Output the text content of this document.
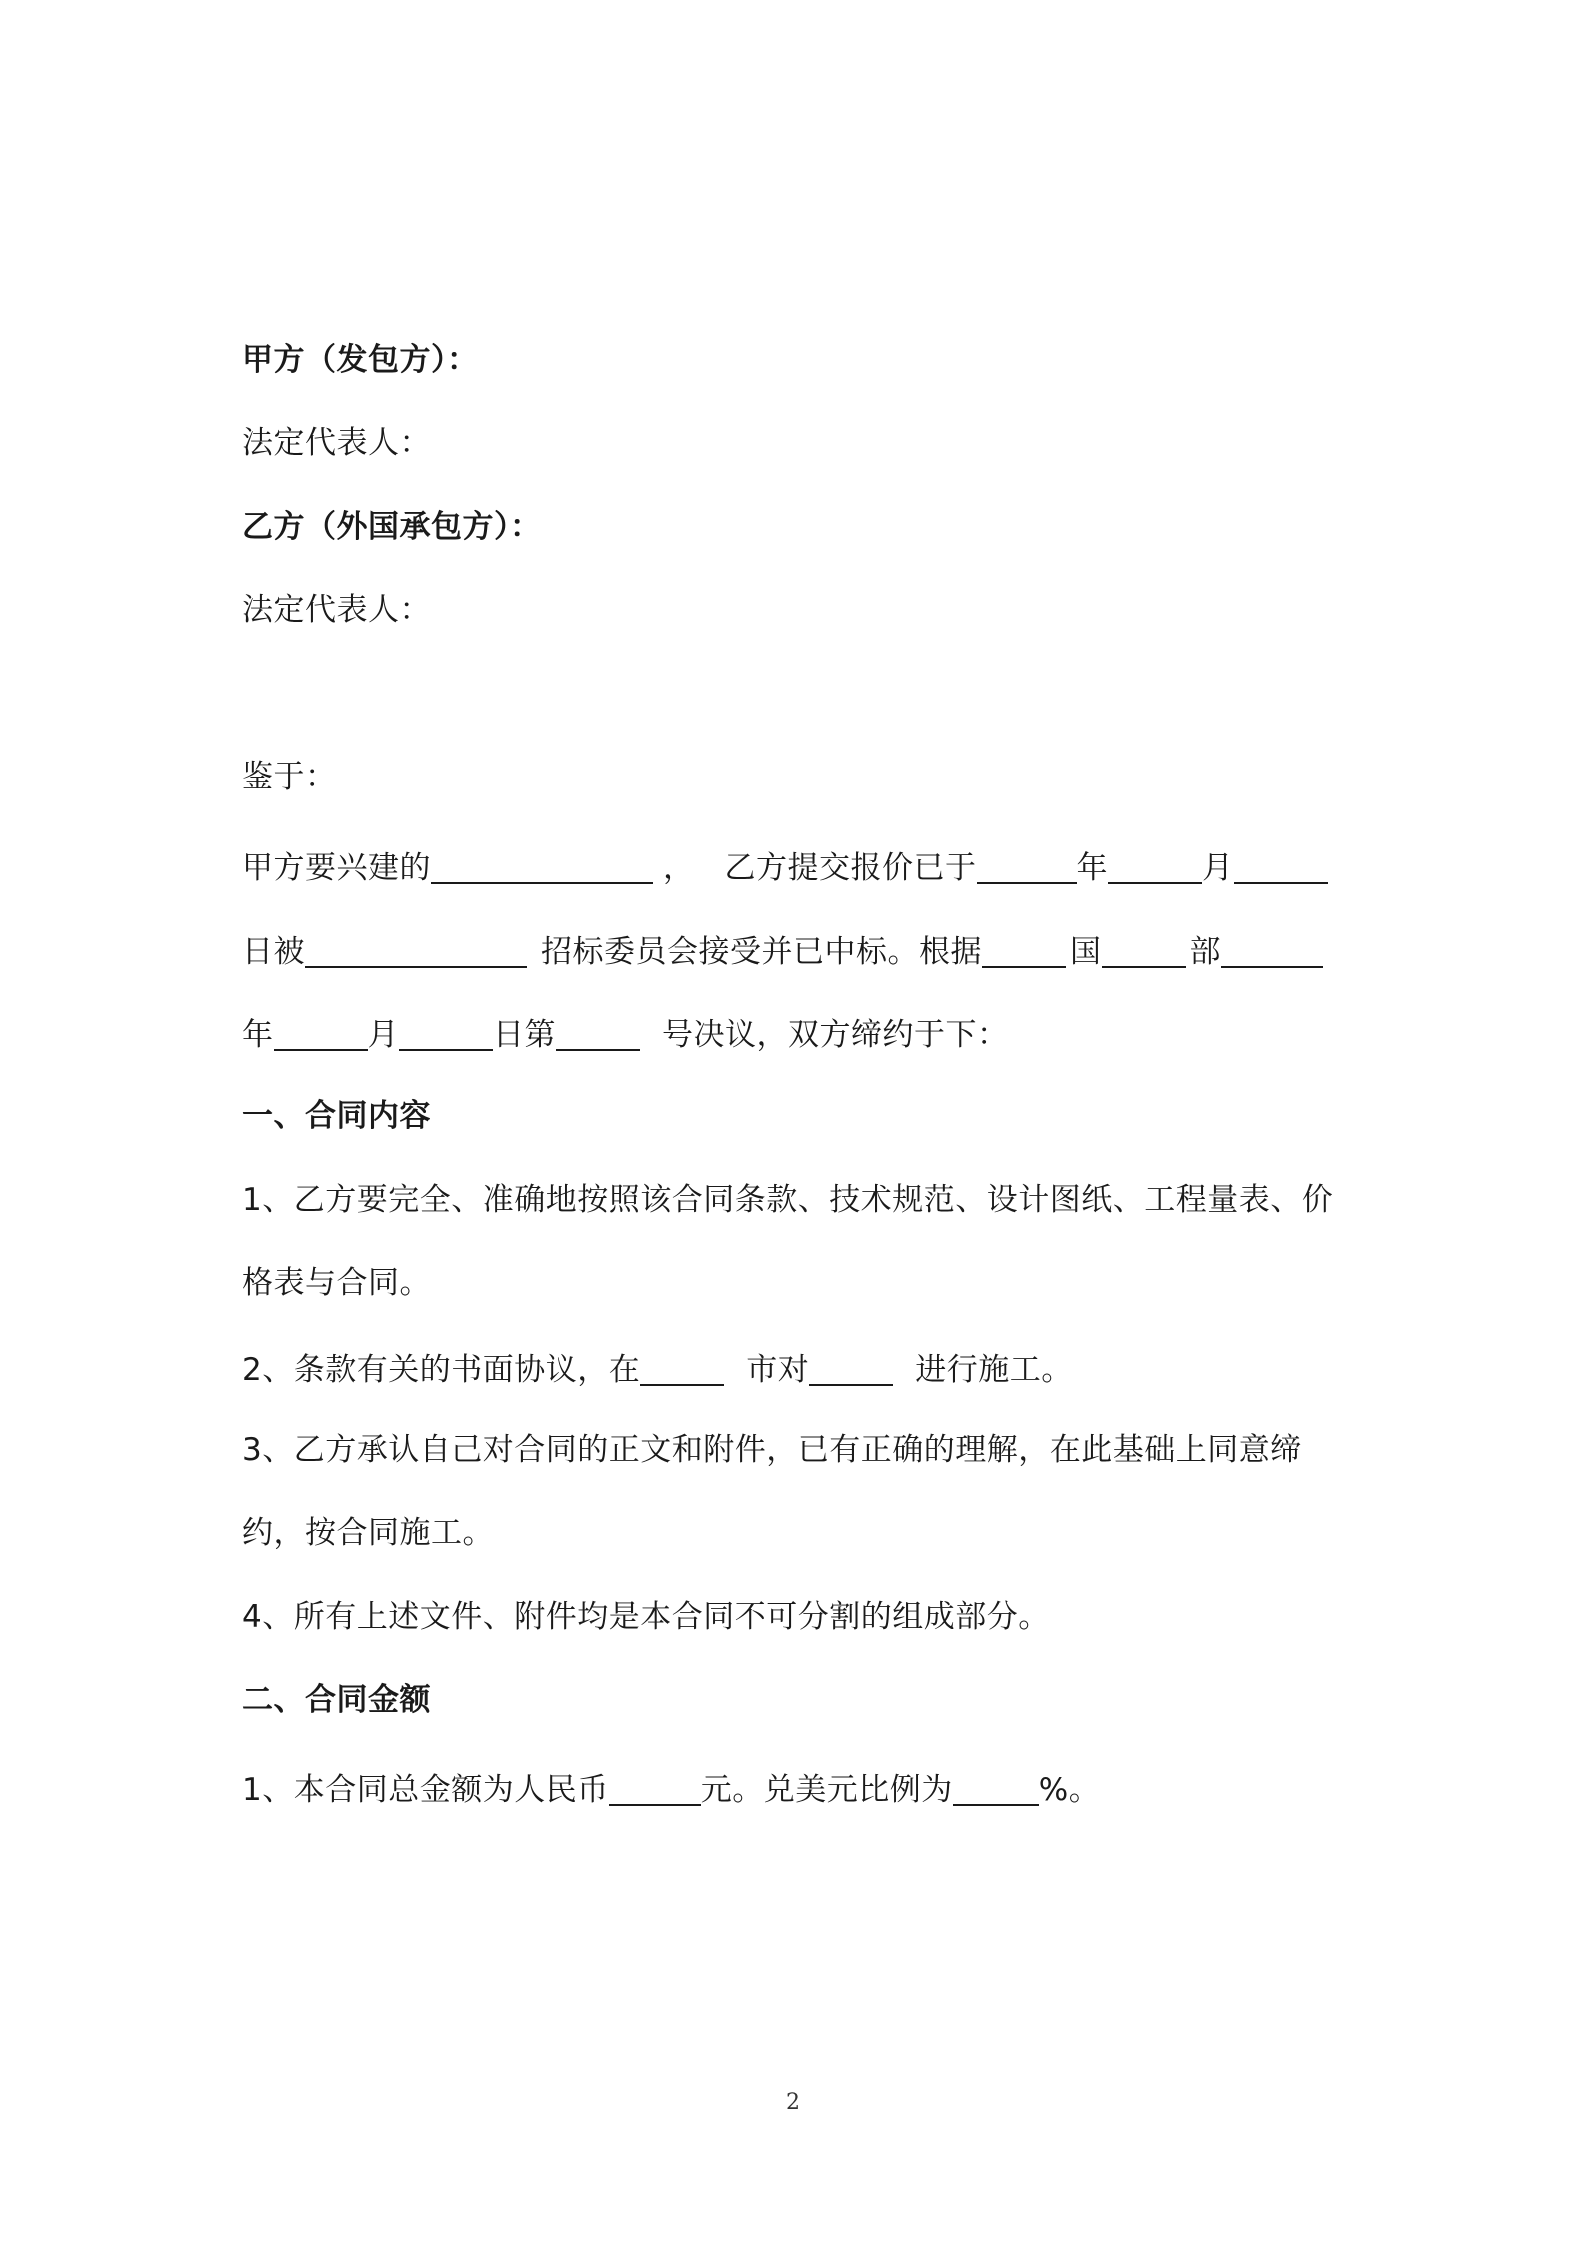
甲方（发包方）：
法定代表人：
乙方（外国承包方）：
法定代表人：
鉴于：
甲方要兴建的	， 乙方提交报价已于	年	月
日被	招标委员会接受并已中标。根据	国	部
年	月	日第	号决议，双方缔约于下：
一、合同内容
1、乙方要完全、准确地按照该合同条款、技术规范、设计图纸、工程量表、价
格表与合同。
2、条款有关的书面协议，在	市对	进行施工。
3、乙方承认自己对合同的正文和附件，已有正确的理解，在此基础上同意缔
约，按合同施工。
4、所有上述文件、附件均是本合同不可分割的组成部分。
二、合同金额
1、本合同总金额为人民币	元。兑美元比例为	%。
2
